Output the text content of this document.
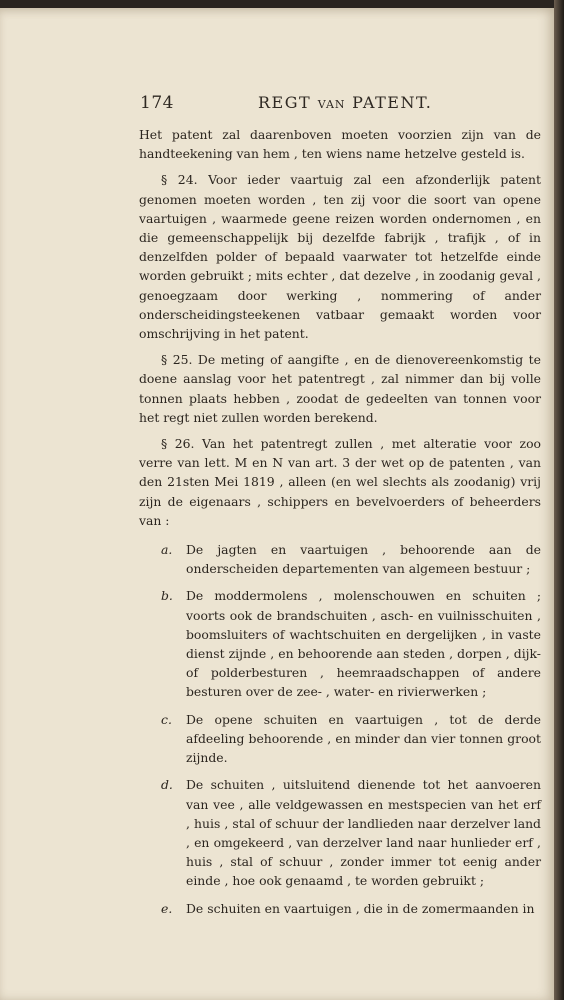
174	REGT VAN PATENT.

Het patent zal daarenboven moeten voorzien zijn van de handteekening van hem , ten wiens name hetzelve gesteld is.

§ 24. Voor ieder vaartuig zal een afzonderlijk patent genomen moeten worden , ten zij voor die soort van opene vaartuigen , waarmede geene reizen worden ondernomen , en die gemeenschappelijk bij dezelfde fabrijk , trafijk , of in denzelfden polder of bepaald vaarwater tot hetzelfde einde worden gebruikt ; mits echter , dat dezelve , in zoodanig geval , genoegzaam door werking , nommering of ander onderscheidingsteekenen vatbaar gemaakt worden voor omschrijving in het patent.

§ 25. De meting of aangifte , en de dienovereenkomstig te doene aanslag voor het patentregt , zal nimmer dan bij volle tonnen plaats hebben , zoodat de gedeelten van tonnen voor het regt niet zullen worden berekend.

§ 26. Van het patentregt zullen , met alteratie voor zoo verre van lett. M en N van art. 3 der wet op de patenten , van den 21sten Mei 1819 , alleen (en wel slechts als zoodanig) vrij zijn de eigenaars , schippers en bevelvoerders of beheerders van :

a. De jagten en vaartuigen , behoorende aan de onderscheiden departementen van algemeen bestuur ;
b. De moddermolens , molenschouwen en schuiten ; voorts ook de brandschuiten , asch- en vuilnisschuiten , boomsluiters of wachtschuiten en dergelijken , in vaste dienst zijnde , en behoorende aan steden , dorpen , dijk- of polderbesturen , heemraadschappen of andere besturen over de zee- , water- en rivierwerken ;
c. De opene schuiten en vaartuigen , tot de derde afdeeling behoorende , en minder dan vier tonnen groot zijnde.
d. De schuiten , uitsluitend dienende tot het aanvoeren van vee , alle veldgewassen en mestspecien van het erf , huis , stal of schuur der landlieden naar derzelver land , en omgekeerd , van derzelver land naar hunlieder erf , huis , stal of schuur , zonder immer tot eenig ander einde , hoe ook genaamd , te worden gebruikt ;
e. De schuiten en vaartuigen , die in de zomermaanden in
